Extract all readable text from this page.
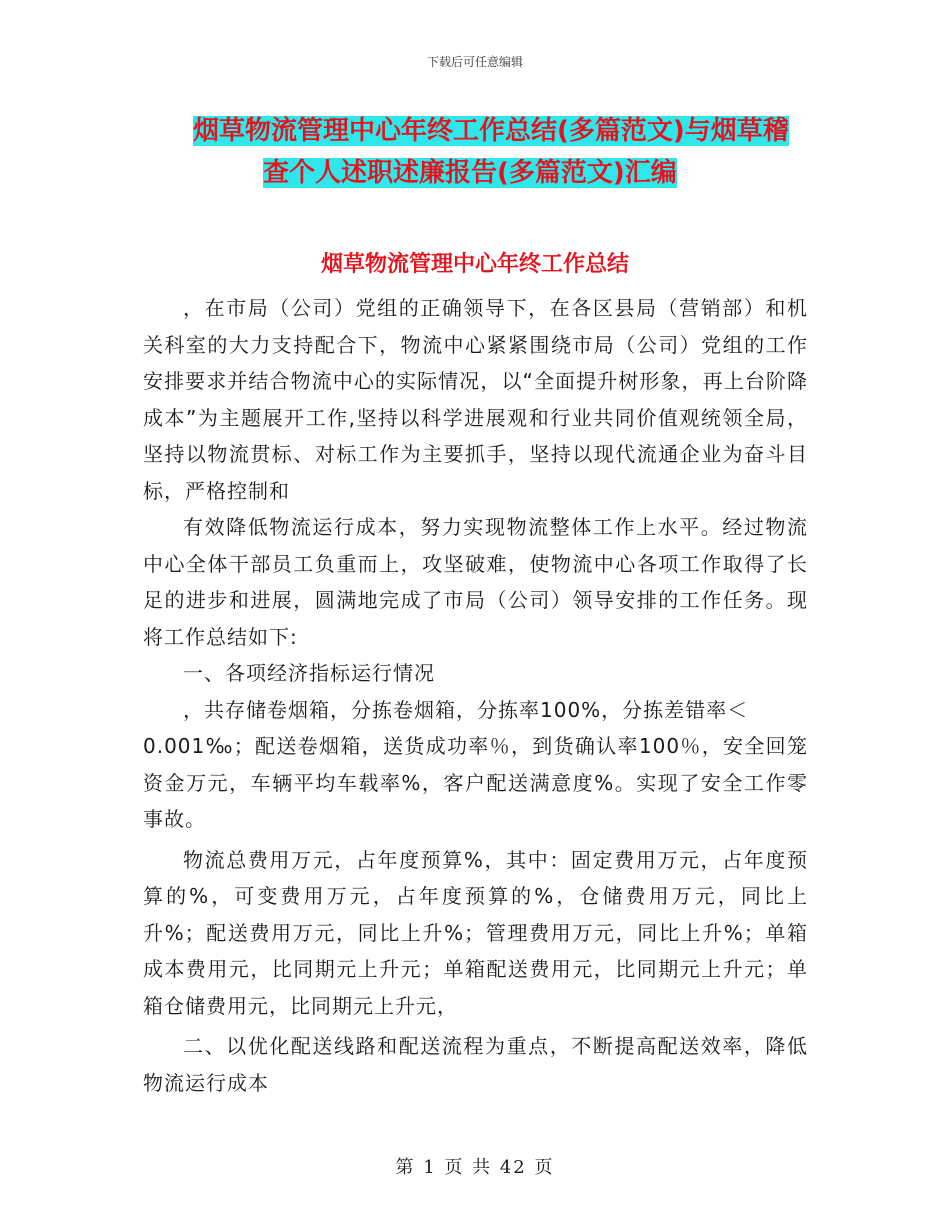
下载后可任意编辑
烟草物流管理中心年终工作总结(多篇范文)与烟草稽
查个人述职述廉报告(多篇范文)汇编
烟草物流管理中心年终工作总结

，在市局（公司）党组的正确领导下，在各区县局（营销部）和机关科室的大力支持配合下，物流中心紧紧围绕市局（公司）党组的工作安排要求并结合物流中心的实际情况，以“全面提升树形象，再上台阶降成本”为主题展开工作,坚持以科学进展观和行业共同价值观统领全局，坚持以物流贯标、对标工作为主要抓手，坚持以现代流通企业为奋斗目标，严格控制和

有效降低物流运行成本，努力实现物流整体工作上水平。经过物流中心全体干部员工负重而上，攻坚破难，使物流中心各项工作取得了长足的进步和进展，圆满地完成了市局（公司）领导安排的工作任务。现将工作总结如下:

一、各项经济指标运行情况

，共存储卷烟箱，分拣卷烟箱，分拣率100%，分拣差错率＜

0.001‰；配送卷烟箱，送货成功率％，到货确认率100％，安全回笼资金万元，车辆平均车载率%，客户配送满意度%。实现了安全工作零事故。

物流总费用万元，占年度预算%，其中：固定费用万元，占年度预算的%，可变费用万元，占年度预算的%，仓储费用万元，同比上升%；配送费用万元，同比上升%；管理费用万元，同比上升%；单箱成本费用元，比同期元上升元；单箱配送费用元，比同期元上升元；单箱仓储费用元，比同期元上升元，

二、以优化配送线路和配送流程为重点，不断提高配送效率，降低物流运行成本

第 1 页 共 42 页
